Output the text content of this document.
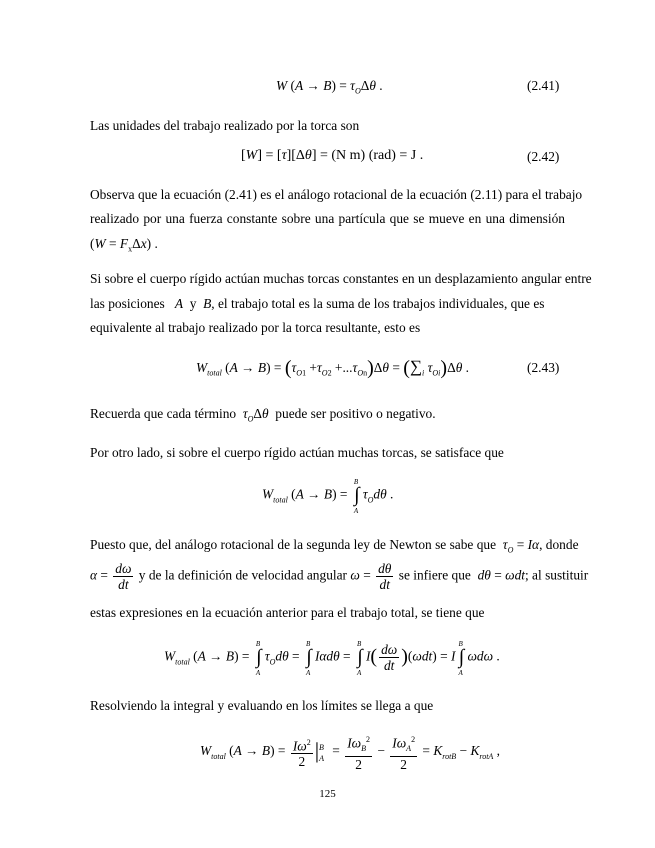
W $(A \to B) = \tau_O\Delta\theta$ .	(2.41)
Las unidades del trabajo realizado por la torca son
[W] = [τ][Δθ] = (N m) (rad) = J .	(2.42)
Observa que la ecuación (2.41) es el análogo rotacional de la ecuación (2.11) para el trabajo
realizado por una fuerza constante sobre una partícula que se mueve en una dimensión
$(W = F_x\Delta x)$ .
Si sobre el cuerpo rígido actúan muchas torcas constantes en un desplazamiento angular entre
las posiciones A y B, el trabajo total es la suma de los trabajos individuales, que es
equivalente al trabajo realizado por la torca resultante, esto es
$W_{total}$ $(A \to B) = (\tau_{O1} +\tau_{O2} +...\tau_{On})\Delta\theta = (\sum_i$ $\tau_{Oi})\Delta\theta$ .	(2.43)
Recuerda que cada término $\tau_O\Delta\theta$ puede ser positivo o negativo.
Por otro lado, si sobre el cuerpo rígido actúan muchas torcas, se satisface que
$W_{total}$ (A → B) = ∫
B
A
$\tau_Od\theta$ .
Puesto que, del análogo rotacional de la segunda ley de Newton se sabe que $\tau_O = I\alpha$, donde
$\alpha = \frac{d\omega}{dt}$ y de la definición de velocidad angular $\omega = \frac{d\theta}{dt}$ se infiere que dθ = ωdt; al sustituir
estas expresiones en la ecuación anterior para el trabajo total, se tiene que
$W_{total}$ (A → B) = ∫
B
A
$\tau_Od\theta$ = ∫
B
A
Iαdθ = ∫
B
A
$I( \frac{d\omega}{dt} )(\omega dt) = I$ ∫
B
A
ωdω .
Resolviendo la integral y evaluando en los límites se llega a que
$W_{total}$ $(A \to B) = \frac{I\omega^2}{2} |_A^B = \frac{I\omega_B^2}{2} - \frac{I\omega_A^2}{2} = K_{rotB} - K_{rotA}$ ,
125
